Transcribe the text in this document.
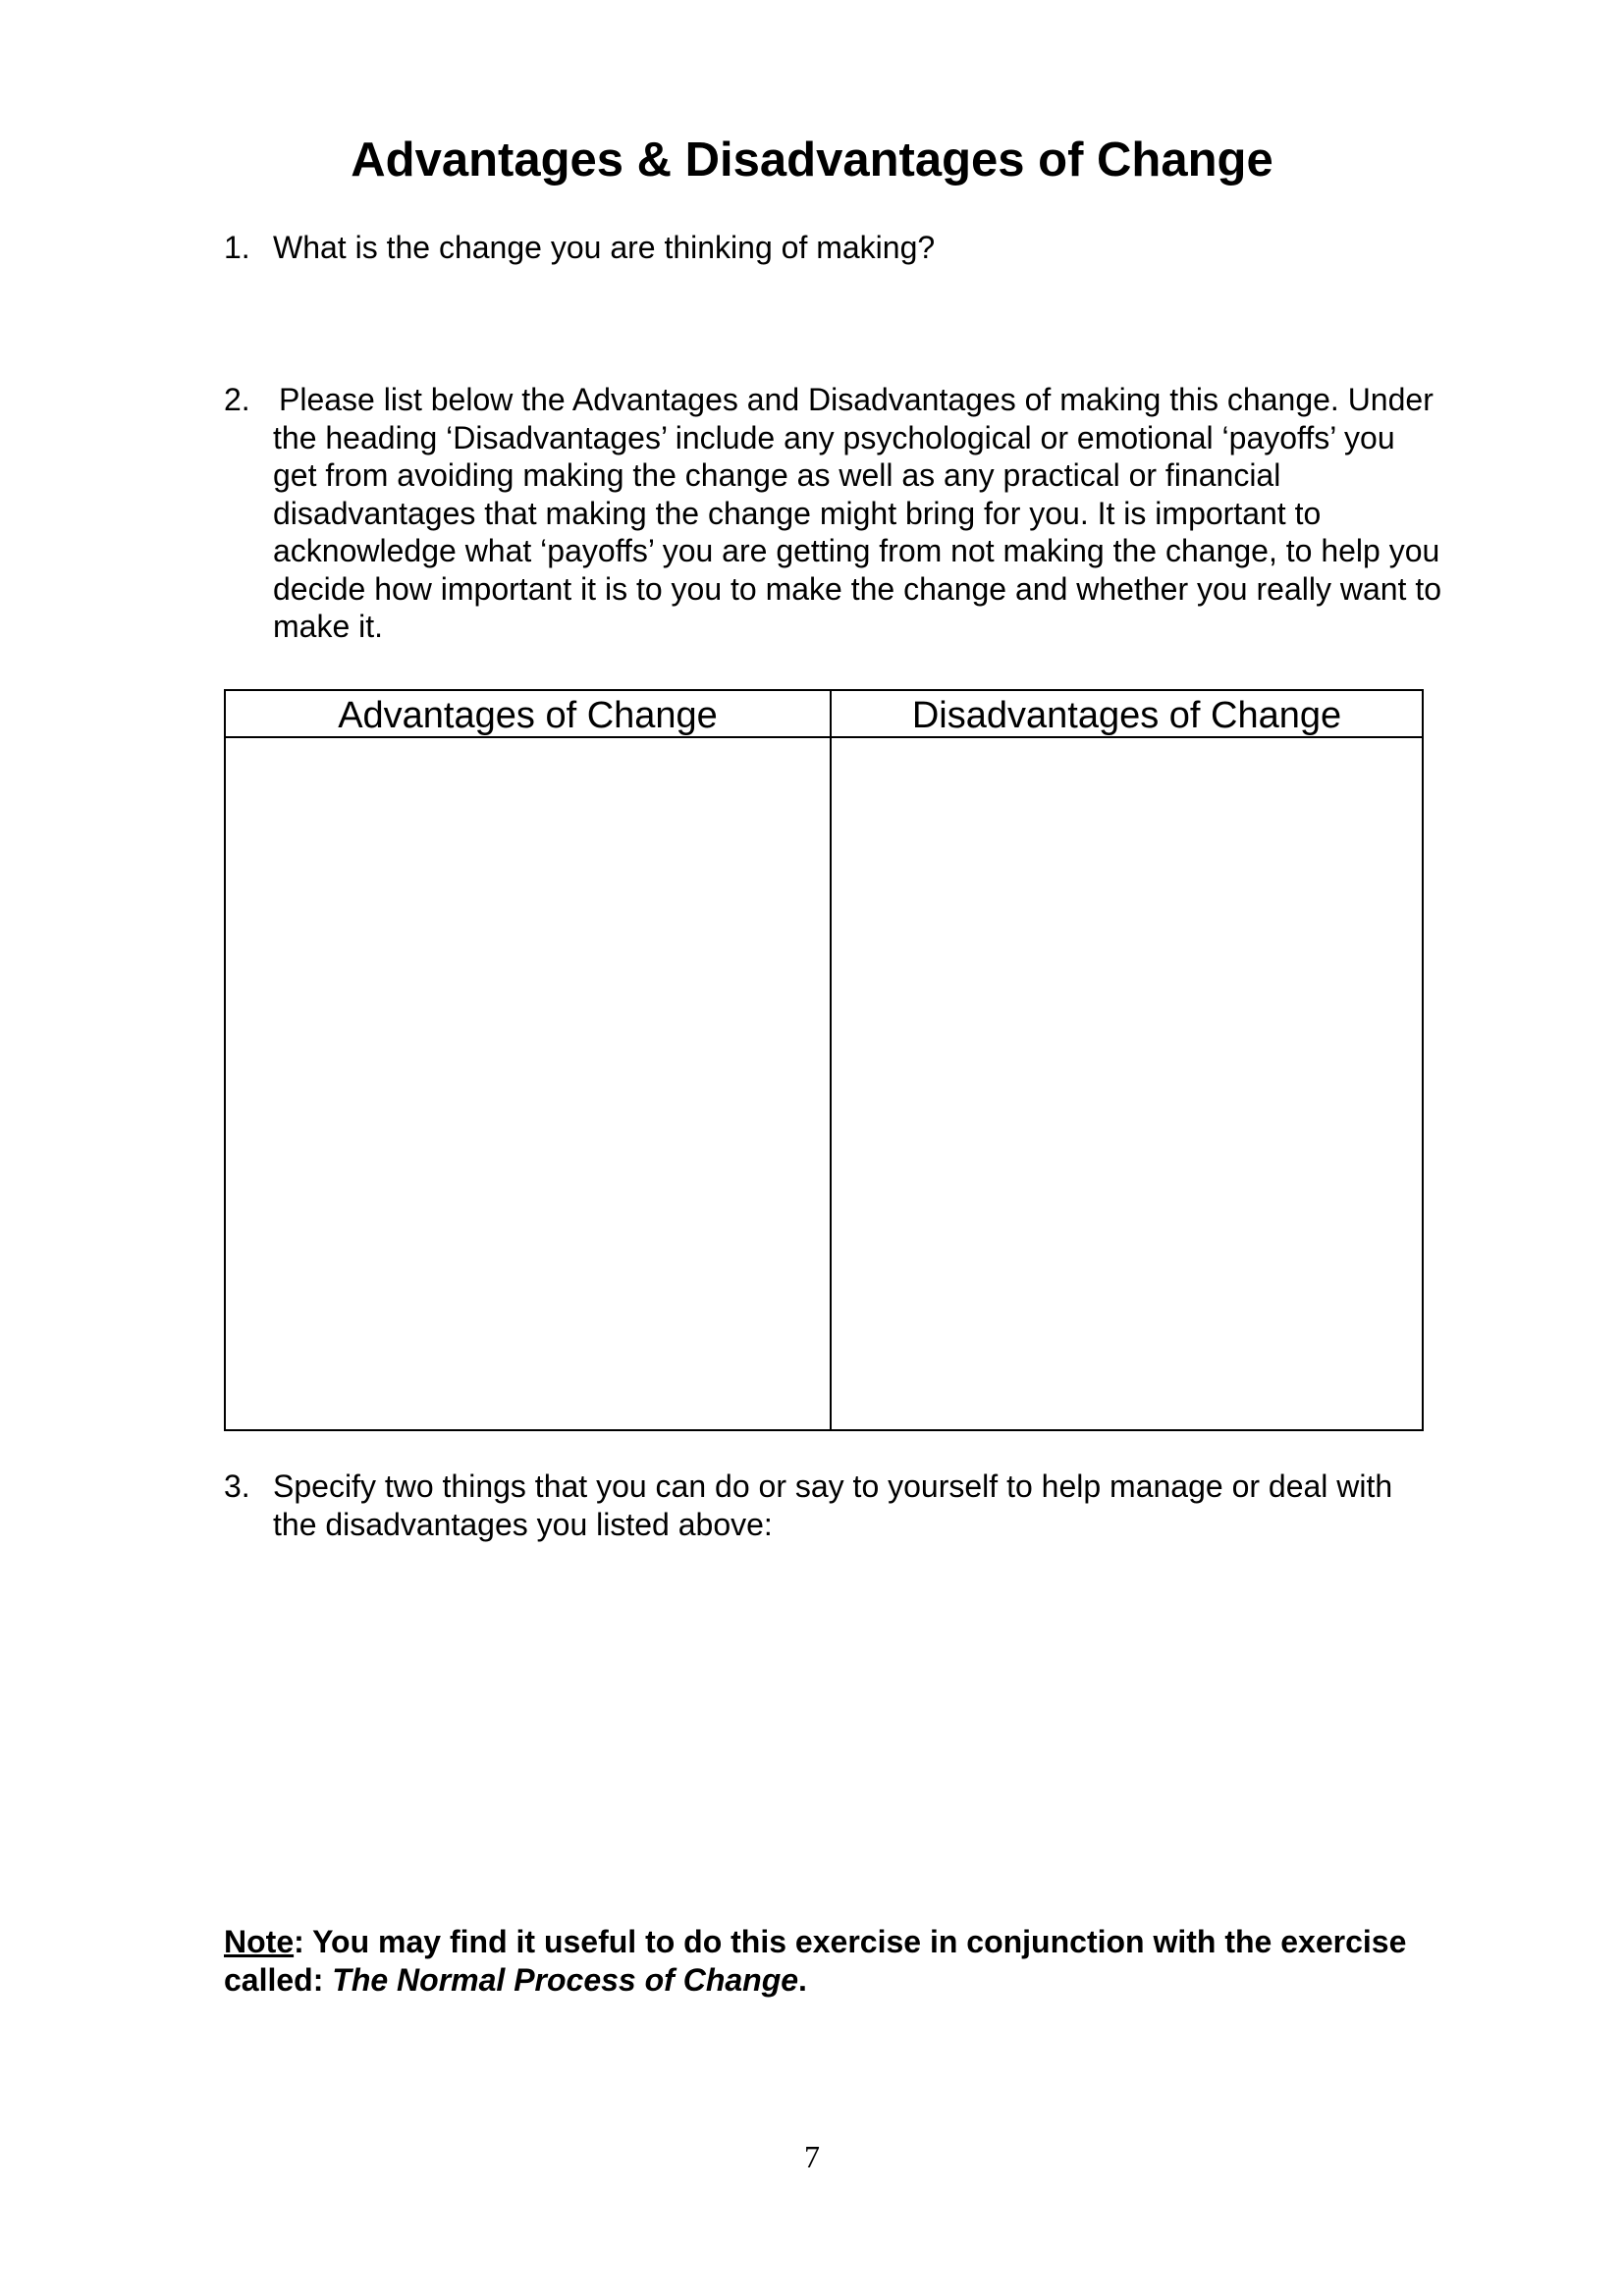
Advantages & Disadvantages of Change
1. What is the change you are thinking of making?
2. Please list below the Advantages and Disadvantages of making this change. Under the heading ‘Disadvantages’ include any psychological or emotional ‘payoffs’ you get from avoiding making the change as well as any practical or financial disadvantages that making the change might bring for you. It is important to acknowledge what ‘payoffs’ you are getting from not making the change, to help you decide how important it is to you to make the change and whether you really want to make it.
Advantages of Change	Disadvantages of Change
3. Specify two things that you can do or say to yourself to help manage or deal with the disadvantages you listed above:
Note: You may find it useful to do this exercise in conjunction with the exercise called: The Normal Process of Change.
7
